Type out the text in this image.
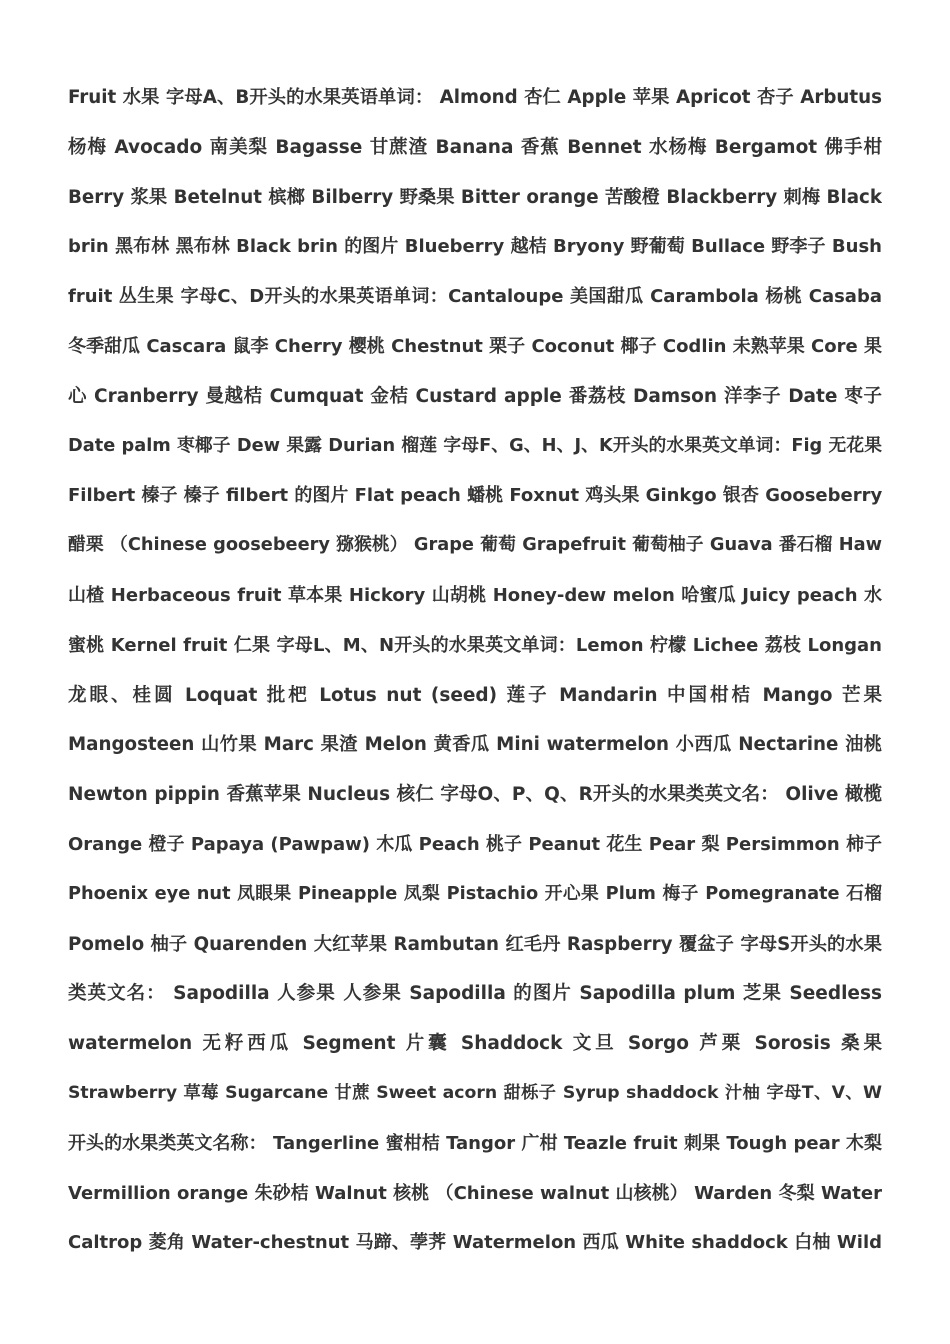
Fruit 水果 字母A、B开头的水果英语单词： Almond 杏仁 Apple 苹果 Apricot 杏子 Arbutus
杨梅 Avocado 南美梨 Bagasse 甘蔗渣 Banana 香蕉 Bennet 水杨梅 Bergamot 佛手柑
Berry 浆果 Betelnut 槟榔 Bilberry 野桑果 Bitter orange 苦酸橙 Blackberry 刺梅 Black
brin 黑布林 黑布林 Black brin 的图片 Blueberry 越桔 Bryony 野葡萄 Bullace 野李子 Bush
fruit 丛生果 字母C、D开头的水果英语单词：Cantaloupe 美国甜瓜 Carambola 杨桃 Casaba
冬季甜瓜 Cascara 鼠李 Cherry 樱桃 Chestnut 栗子 Coconut 椰子 Codlin 未熟苹果 Core 果
心 Cranberry 曼越桔 Cumquat 金桔 Custard apple 番荔枝 Damson 洋李子 Date 枣子
Date palm 枣椰子 Dew 果露 Durian 榴莲 字母F、G、H、J、K开头的水果英文单词：Fig 无花果
Filbert 榛子 榛子 filbert 的图片 Flat peach 蟠桃 Foxnut 鸡头果 Ginkgo 银杏 Gooseberry
醋栗 （Chinese goosebeery 猕猴桃） Grape 葡萄 Grapefruit 葡萄柚子 Guava 番石榴 Haw
山楂 Herbaceous fruit 草本果 Hickory 山胡桃 Honey-dew melon 哈蜜瓜 Juicy peach 水
蜜桃 Kernel fruit 仁果 字母L、M、N开头的水果英文单词：Lemon 柠檬 Lichee 荔枝 Longan
龙眼、桂圆 Loquat 批杷 Lotus nut (seed) 莲子 Mandarin 中国柑桔 Mango 芒果
Mangosteen 山竹果 Marc 果渣 Melon 黄香瓜 Mini watermelon 小西瓜 Nectarine 油桃
Newton pippin 香蕉苹果 Nucleus 核仁 字母O、P、Q、R开头的水果类英文名： Olive 橄榄
Orange 橙子 Papaya (Pawpaw) 木瓜 Peach 桃子 Peanut 花生 Pear 梨 Persimmon 柿子
Phoenix eye nut 凤眼果 Pineapple 凤梨 Pistachio 开心果 Plum 梅子 Pomegranate 石榴
Pomelo 柚子 Quarenden 大红苹果 Rambutan 红毛丹 Raspberry 覆盆子 字母S开头的水果
类英文名： Sapodilla 人参果 人参果 Sapodilla 的图片 Sapodilla plum 芝果 Seedless
watermelon 无籽西瓜 Segment 片囊 Shaddock 文旦 Sorgo 芦栗 Sorosis 桑果
Strawberry 草莓 Sugarcane 甘蔗 Sweet acorn 甜栎子 Syrup shaddock 汁柚 字母T、V、W
开头的水果类英文名称： Tangerline 蜜柑桔 Tangor 广柑 Teazle fruit 刺果 Tough pear 木梨
Vermillion orange 朱砂桔 Walnut 核桃 （Chinese walnut 山核桃） Warden 冬梨 Water
Caltrop 菱角 Water-chestnut 马蹄、荸荠 Watermelon 西瓜 White shaddock 白柚 Wild
